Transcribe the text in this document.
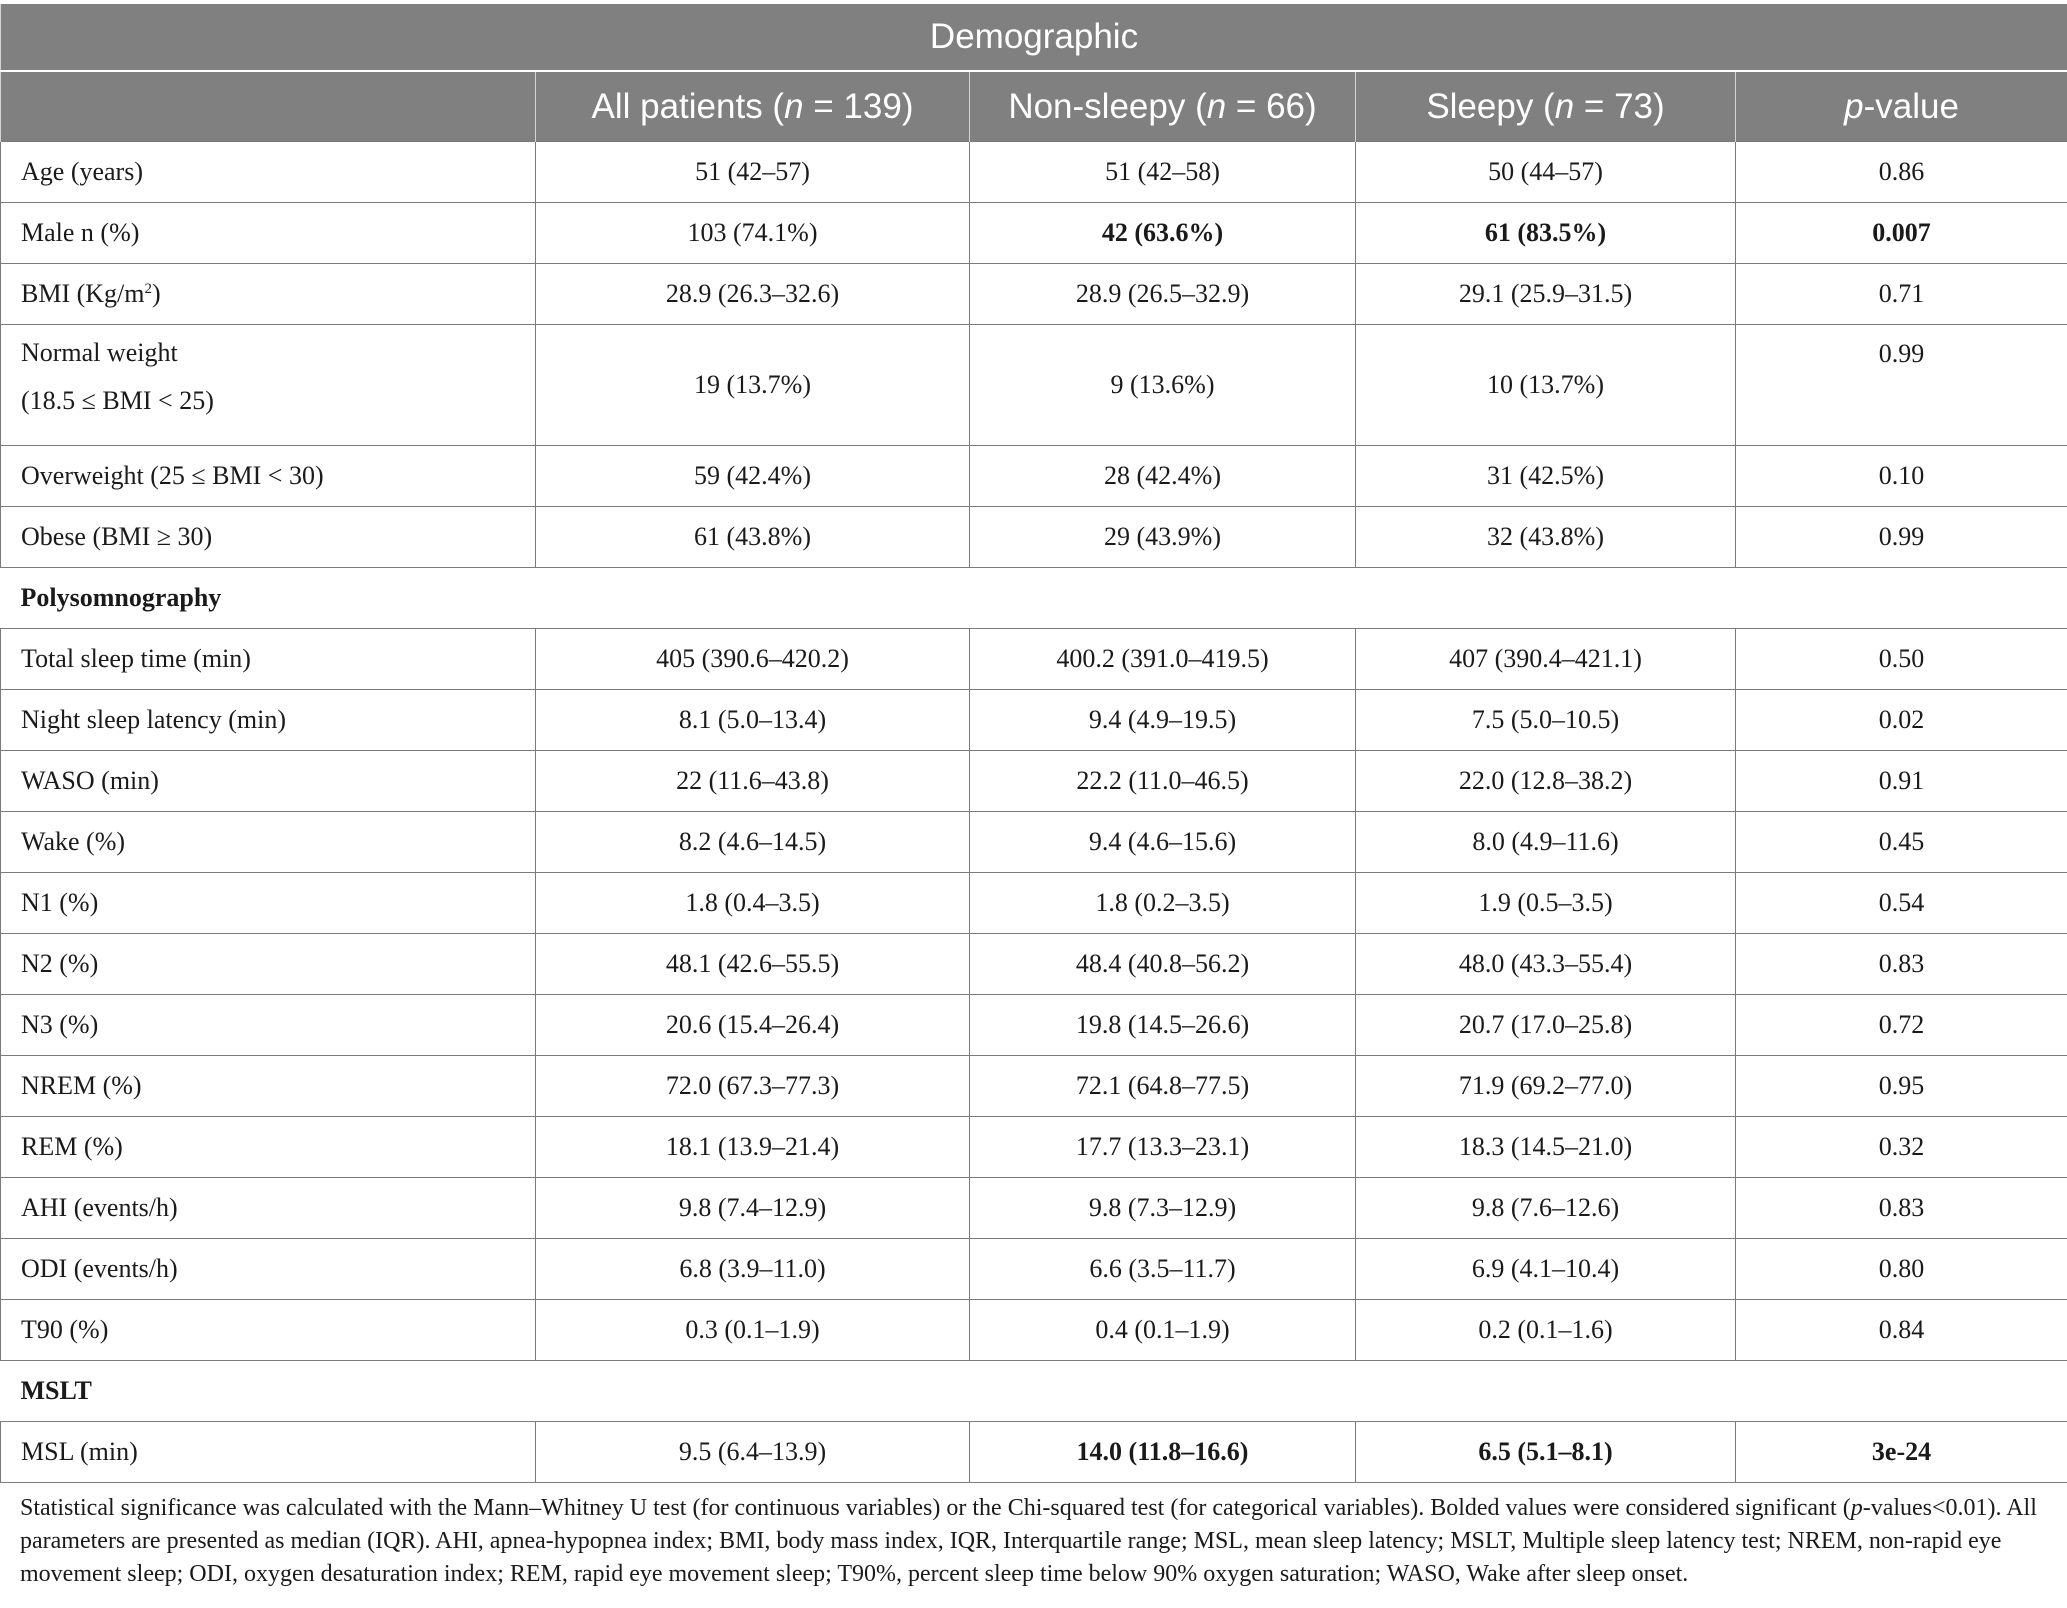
Demographic				
	All patients (n = 139)	Non-sleepy (n = 66)	Sleepy (n = 73)	p-value
Age (years)	51 (42–57)	51 (42–58)	50 (44–57)	0.86
Male n (%)	103 (74.1%)	42 (63.6%)	61 (83.5%)	0.007
BMI $(Kg/m^2)$	28.9 (26.3–32.6)	28.9 (26.5–32.9)	29.1 (25.9–31.5)	0.71

Normal weight
(18.5 ≤ BMI < 25)	19 (13.7%)	9 (13.6%)	10 (13.7%)	0.99
Overweight (25 ≤ BMI < 30)	59 (42.4%)	28 (42.4%)	31 (42.5%)	0.10
Obese (BMI ≥ 30)	61 (43.8%)	29 (43.9%)	32 (43.8%)	0.99
Polysomnography				
Total sleep time (min)	405 (390.6–420.2)	400.2 (391.0–419.5)	407 (390.4–421.1)	0.50
Night sleep latency (min)	8.1 (5.0–13.4)	9.4 (4.9–19.5)	7.5 (5.0–10.5)	0.02
WASO (min)	22 (11.6–43.8)	22.2 (11.0–46.5)	22.0 (12.8–38.2)	0.91
Wake (%)	8.2 (4.6–14.5)	9.4 (4.6–15.6)	8.0 (4.9–11.6)	0.45
N1 (%)	1.8 (0.4–3.5)	1.8 (0.2–3.5)	1.9 (0.5–3.5)	0.54
N2 (%)	48.1 (42.6–55.5)	48.4 (40.8–56.2)	48.0 (43.3–55.4)	0.83
N3 (%)	20.6 (15.4–26.4)	19.8 (14.5–26.6)	20.7 (17.0–25.8)	0.72
NREM (%)	72.0 (67.3–77.3)	72.1 (64.8–77.5)	71.9 (69.2–77.0)	0.95
REM (%)	18.1 (13.9–21.4)	17.7 (13.3–23.1)	18.3 (14.5–21.0)	0.32
AHI (events/h)	9.8 (7.4–12.9)	9.8 (7.3–12.9)	9.8 (7.6–12.6)	0.83
ODI (events/h)	6.8 (3.9–11.0)	6.6 (3.5–11.7)	6.9 (4.1–10.4)	0.80
T90 (%)	0.3 (0.1–1.9)	0.4 (0.1–1.9)	0.2 (0.1–1.6)	0.84
MSLT				
MSL (min)	9.5 (6.4–13.9)	14.0 (11.8–16.6)	6.5 (5.1–8.1)	3e-24
Statistical significance was calculated with the Mann–Whitney U test (for continuous variables) or the Chi-squared test (for categorical variables). Bolded values were considered significant (p-values<0.01). All parameters are presented as median (IQR). AHI, apnea-hypopnea index; BMI, body mass index, IQR, Interquartile range; MSL, mean sleep latency; MSLT, Multiple sleep latency test; NREM, non-rapid eye movement sleep; ODI, oxygen desaturation index; REM, rapid eye movement sleep; T90%, percent sleep time below 90% oxygen saturation; WASO, Wake after sleep onset.
